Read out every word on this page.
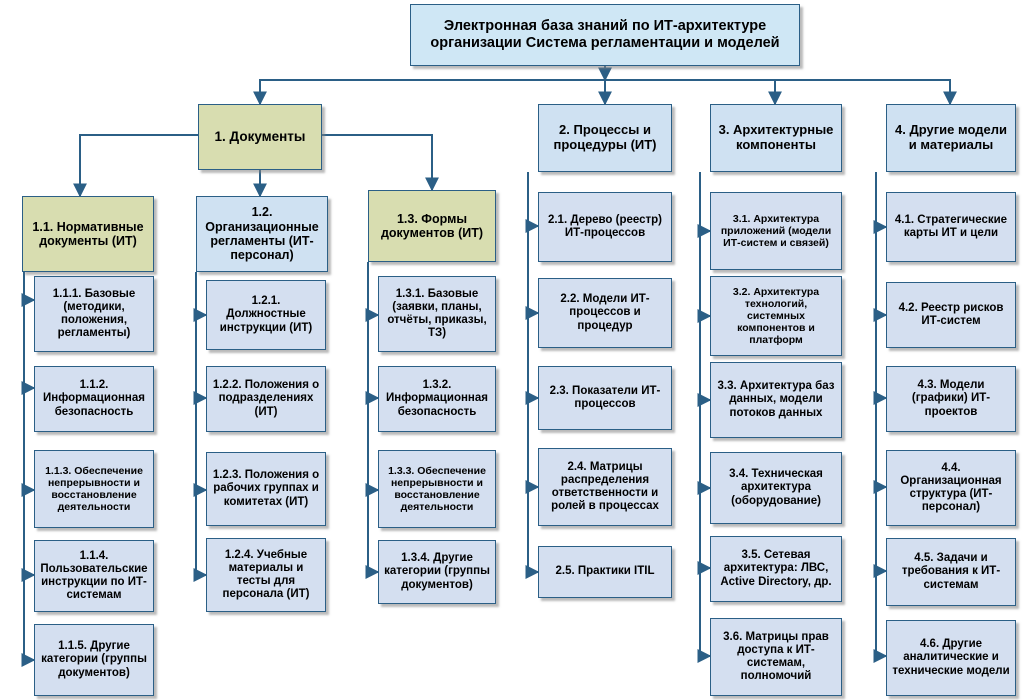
Электронная база знаний по ИТ-архитектуре организации Система регламентации и моделей
1. Документы	2. Процессы и процедуры (ИТ)
3. Архитектурные компоненты
4. Другие модели и материалы
1.1. Нормативные документы (ИТ)
1.2. Организационные регламенты (ИТ-персонал)
1.3. Формы документов (ИТ)
1.1.1. Базовые (методики, положения, регламенты)
1.1.2. Информационная безопасность
1.1.3. Обеспечение непрерывности и восстановление деятельности
1.1.4. Пользовательские инструкции по ИТ-системам
1.1.5. Другие категории (группы документов)
1.2.1. Должностные инструкции (ИТ)
1.2.2. Положения о подразделениях (ИТ)
1.2.3. Положения о рабочих группах и комитетах (ИТ)
1.2.4. Учебные материалы и тесты для персонала (ИТ)
1.3.1. Базовые (заявки, планы, отчёты, приказы, ТЗ)
1.3.2. Информационная безопасность
1.3.3. Обеспечение непрерывности и восстановление деятельности
1.3.4. Другие категории (группы документов)
2.1. Дерево (реестр) ИТ-процессов
2.2. Модели ИТ-процессов и процедур
2.3. Показатели ИТ-процессов
2.4. Матрицы распределения ответственности и ролей в процессах
2.5. Практики ITIL
3.1. Архитектура приложений (модели ИТ-систем и связей)
3.2. Архитектура технологий, системных компонентов и платформ
3.3. Архитектура баз данных, модели потоков данных
3.4. Техническая архитектура (оборудование)
3.5. Сетевая архитектура: ЛВС, Active Directory, др.
3.6. Матрицы прав доступа к ИТ-системам, полномочий
4.1. Стратегические карты ИТ и цели
4.2. Реестр рисков ИТ-систем
4.3. Модели (графики) ИТ-проектов
4.4. Организационная структура (ИТ-персонал)
4.5. Задачи и требования к ИТ-системам
4.6. Другие аналитические и технические модели
